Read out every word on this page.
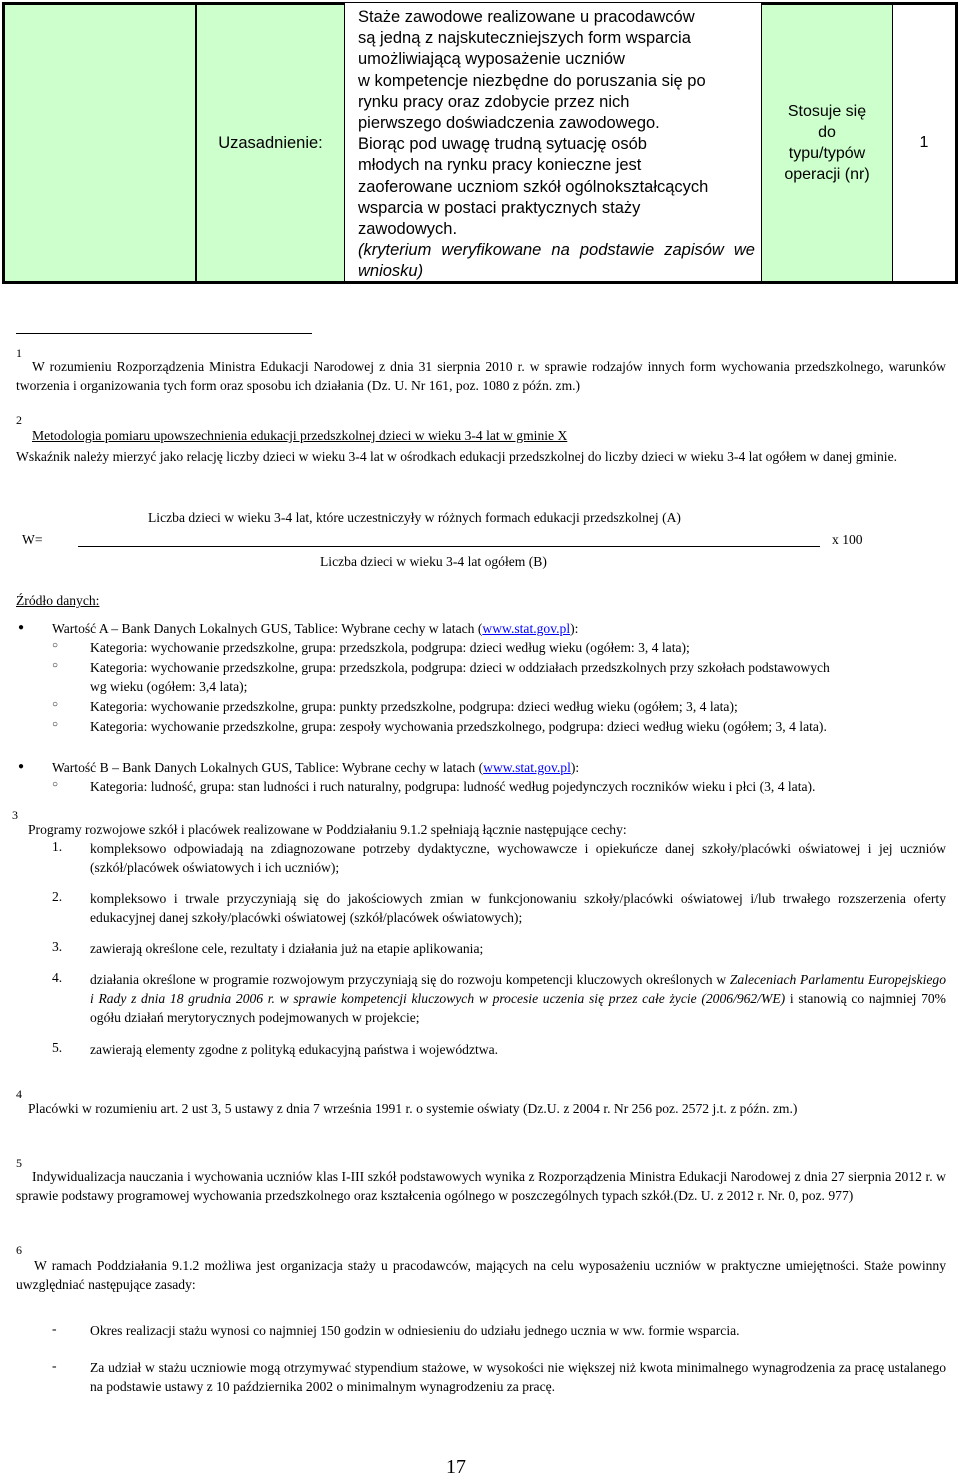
Uzasadnienie:

Staże zawodowe realizowane u pracodawców

są jedną z najskuteczniejszych form wsparcia

umożliwiającą wyposażenie uczniów

w kompetencje niezbędne do poruszania się po

rynku pracy oraz zdobycie przez nich

pierwszego doświadczenia zawodowego.

Biorąc pod uwagę trudną sytuację osób

młodych na rynku pracy konieczne jest

zaoferowane uczniom szkół ogólnokształcących

wsparcia w postaci praktycznych staży

zawodowych.

(kryterium weryfikowane na podstawie zapisów we wniosku)

Stosuje się
do
typu/typów
operacji (nr)
1
1
W rozumieniu Rozporządzenia Ministra Edukacji Narodowej z dnia 31 sierpnia 2010 r. w sprawie rodzajów innych form wychowania przedszkolnego, warunków tworzenia i organizowania tych form oraz sposobu ich działania (Dz. U. Nr 161, poz. 1080 z późn. zm.)
2
Metodologia pomiaru upowszechnienia edukacji przedszkolnej dzieci w wieku 3-4 lat w gminie X
Wskaźnik należy mierzyć jako relację liczby dzieci w wieku 3-4 lat w ośrodkach edukacji przedszkolnej do liczby dzieci w wieku 3-4 lat ogółem w danej gminie.
Liczba dzieci w wieku 3-4 lat, które uczestniczyły w różnych formach edukacji przedszkolnej (A)
W=	x 100
Liczba dzieci w wieku 3-4 lat ogółem (B)
Źródło danych:
● Wartość A – Bank Danych Lokalnych GUS, Tablice: Wybrane cechy w latach (www.stat.gov.pl):
○ Kategoria: wychowanie przedszkolne, grupa: przedszkola, podgrupa: dzieci według wieku (ogółem: 3, 4 lata);
○ Kategoria: wychowanie przedszkolne, grupa: przedszkola, podgrupa: dzieci w oddziałach przedszkolnych przy szkołach podstawowych
wg wieku (ogółem: 3,4 lata);
○ Kategoria: wychowanie przedszkolne, grupa: punkty przedszkolne, podgrupa: dzieci według wieku (ogółem; 3, 4 lata);
○ Kategoria: wychowanie przedszkolne, grupa: zespoły wychowania przedszkolnego, podgrupa: dzieci według wieku (ogółem; 3, 4 lata).
● Wartość B – Bank Danych Lokalnych GUS, Tablice: Wybrane cechy w latach (www.stat.gov.pl):
○ Kategoria: ludność, grupa: stan ludności i ruch naturalny, podgrupa: ludność według pojedynczych roczników wieku i płci (3, 4 lata).
3
Programy rozwojowe szkół i placówek realizowane w Poddziałaniu 9.1.2 spełniają łącznie następujące cechy:
1. kompleksowo odpowiadają na zdiagnozowane potrzeby dydaktyczne, wychowawcze i opiekuńcze danej szkoły/placówki oświatowej i jej uczniów (szkół/placówek oświatowych i ich uczniów);
2. kompleksowo i trwale przyczyniają się do jakościowych zmian w funkcjonowaniu szkoły/placówki oświatowej i/lub trwałego rozszerzenia oferty edukacyjnej danej szkoły/placówki oświatowej (szkół/placówek oświatowych);
3. zawierają określone cele, rezultaty i działania już na etapie aplikowania;
4. działania określone w programie rozwojowym przyczyniają się do rozwoju kompetencji kluczowych określonych w Zaleceniach Parlamentu Europejskiego i Rady z dnia 18 grudnia 2006 r. w sprawie kompetencji kluczowych w procesie uczenia się przez całe życie (2006/962/WE) i stanowią co najmniej 70% ogółu działań merytorycznych podejmowanych w projekcie;
5. zawierają elementy zgodne z polityką edukacyjną państwa i województwa.
4
Placówki w rozumieniu art. 2 ust 3, 5 ustawy z dnia 7 września 1991 r. o systemie oświaty (Dz.U. z 2004 r. Nr 256 poz. 2572 j.t. z późn. zm.)
5
Indywidualizacja nauczania i wychowania uczniów klas I-III szkół podstawowych wynika z Rozporządzenia Ministra Edukacji Narodowej z dnia 27 sierpnia 2012 r. w sprawie podstawy programowej wychowania przedszkolnego oraz kształcenia ogólnego w poszczególnych typach szkół.(Dz. U. z 2012 r. Nr. 0, poz. 977)
6
W ramach Poddziałania 9.1.2 możliwa jest organizacja staży u pracodawców, mających na celu wyposażeniu uczniów w praktyczne umiejętności. Staże powinny uwzględniać następujące zasady:
- Okres realizacji stażu wynosi co najmniej 150 godzin w odniesieniu do udziału jednego ucznia w ww. formie wsparcia.
- Za udział w stażu uczniowie mogą otrzymywać stypendium stażowe, w wysokości nie większej niż kwota minimalnego wynagrodzenia za pracę ustalanego na podstawie ustawy z 10 października 2002 o minimalnym wynagrodzeniu za pracę.
17
